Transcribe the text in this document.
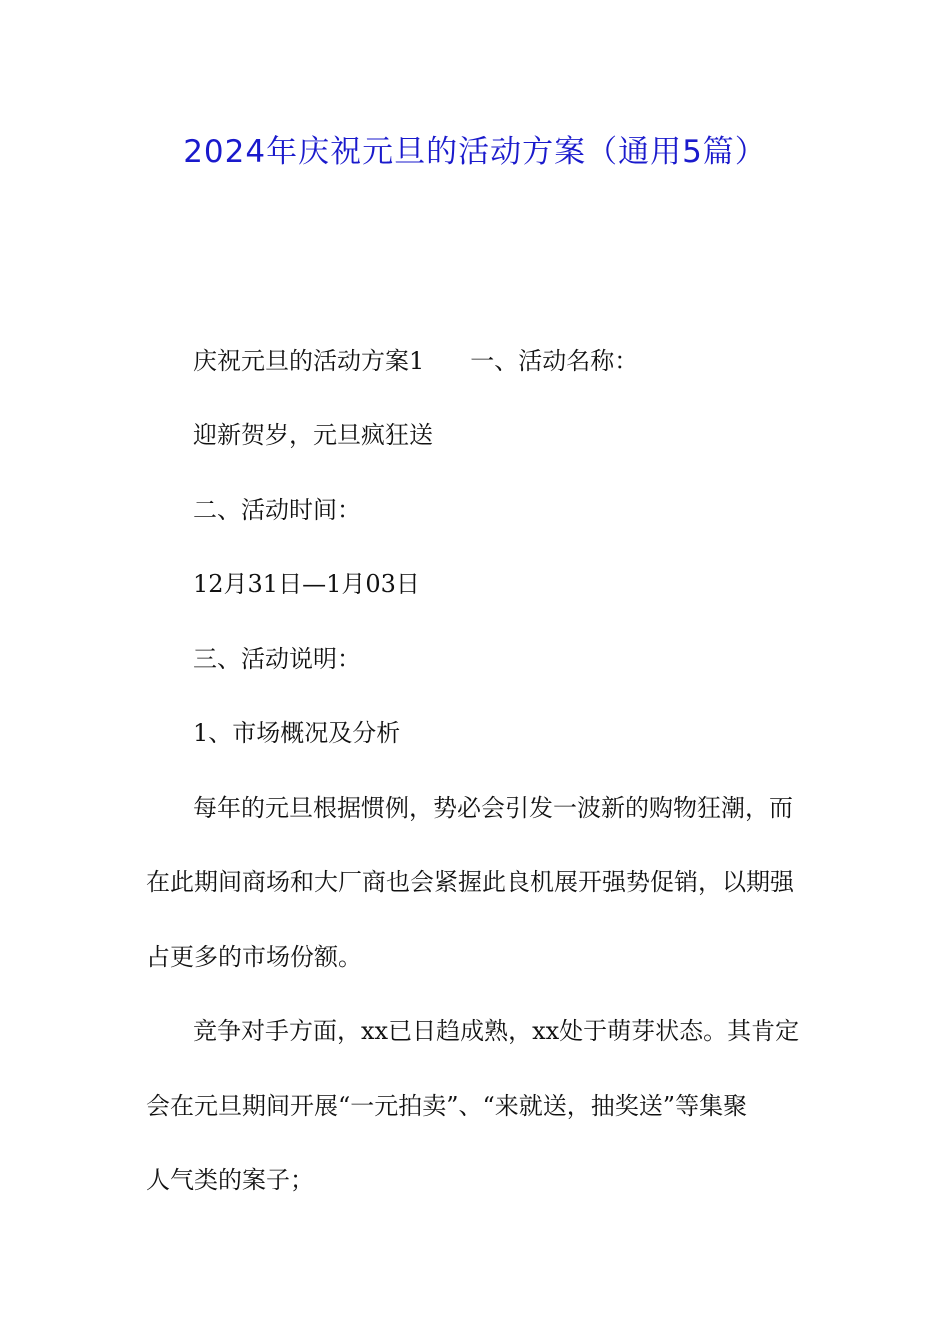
2024年庆祝元旦的活动方案（通用5篇）

庆祝元旦的活动方案1 一、活动名称：

迎新贺岁，元旦疯狂送

二、活动时间：

12月31日—1月03日

三、活动说明：

1、市场概况及分析

每年的元旦根据惯例，势必会引发一波新的购物狂潮，而

在此期间商场和大厂商也会紧握此良机展开强势促销，以期强

占更多的市场份额。

竞争对手方面，xx已日趋成熟，xx处于萌芽状态。其肯定

会在元旦期间开展“一元拍卖”、“来就送，抽奖送”等集聚

人气类的案子；
